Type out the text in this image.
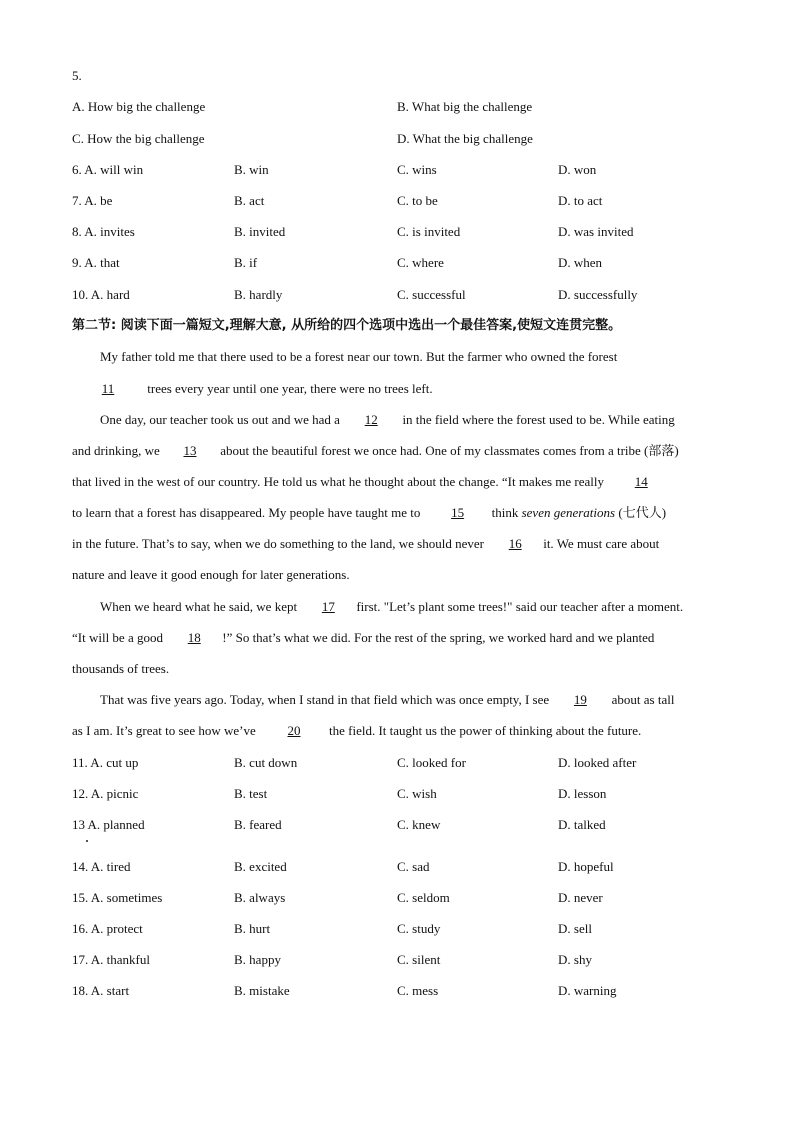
5.
A. How big the challenge	B. What big the challenge
C. How the big challenge	D. What the big challenge
6. A. will win	B. win	C. wins	D. won
7. A. be	B. act	C. to be	D. to act
8. A. invites	B. invited	C. is invited	D. was invited
9. A. that	B. if	C. where	D. when
10. A. hard	B. hardly	C. successful	D. successfully
第二节: 阅读下面一篇短文,理解大意, 从所给的四个选项中选出一个最佳答案,使短文连贯完整。
My father told me that there used to be a forest near our town. But the farmer who owned the forest
11 trees every year until one year, there were no trees left.
One day, our teacher took us out and we had a 12 in the field where the forest used to be. While eating
and drinking, we 13 about the beautiful forest we once had. One of my classmates comes from a tribe (部落)
that lived in the west of our country. He told us what he thought about the change. “It makes me really 14
to learn that a forest has disappeared. My people have taught me to 15 think seven generations (七代人)
in the future. That’s to say, when we do something to the land, we should never 16 it. We must care about
nature and leave it good enough for later generations.
When we heard what he said, we kept 17 first. "Let’s plant some trees!" said our teacher after a moment.
“It will be a good 18 !” So that’s what we did. For the rest of the spring, we worked hard and we planted
thousands of trees.
That was five years ago. Today, when I stand in that field which was once empty, I see 19 about as tall
as I am. It’s great to see how we’ve 20 the field. It taught us the power of thinking about the future.
11. A. cut up	B. cut down	C. looked for	D. looked after
12. A. picnic	B. test	C. wish	D. lesson
13 A. planned	B. feared	C. knew	D. talked
14. A. tired	B. excited	C. sad	D. hopeful
15. A. sometimes	B. always	C. seldom	D. never
16. A. protect	B. hurt	C. study	D. sell
17. A. thankful	B. happy	C. silent	D. shy
18. A. start	B. mistake	C. mess	D. warning
